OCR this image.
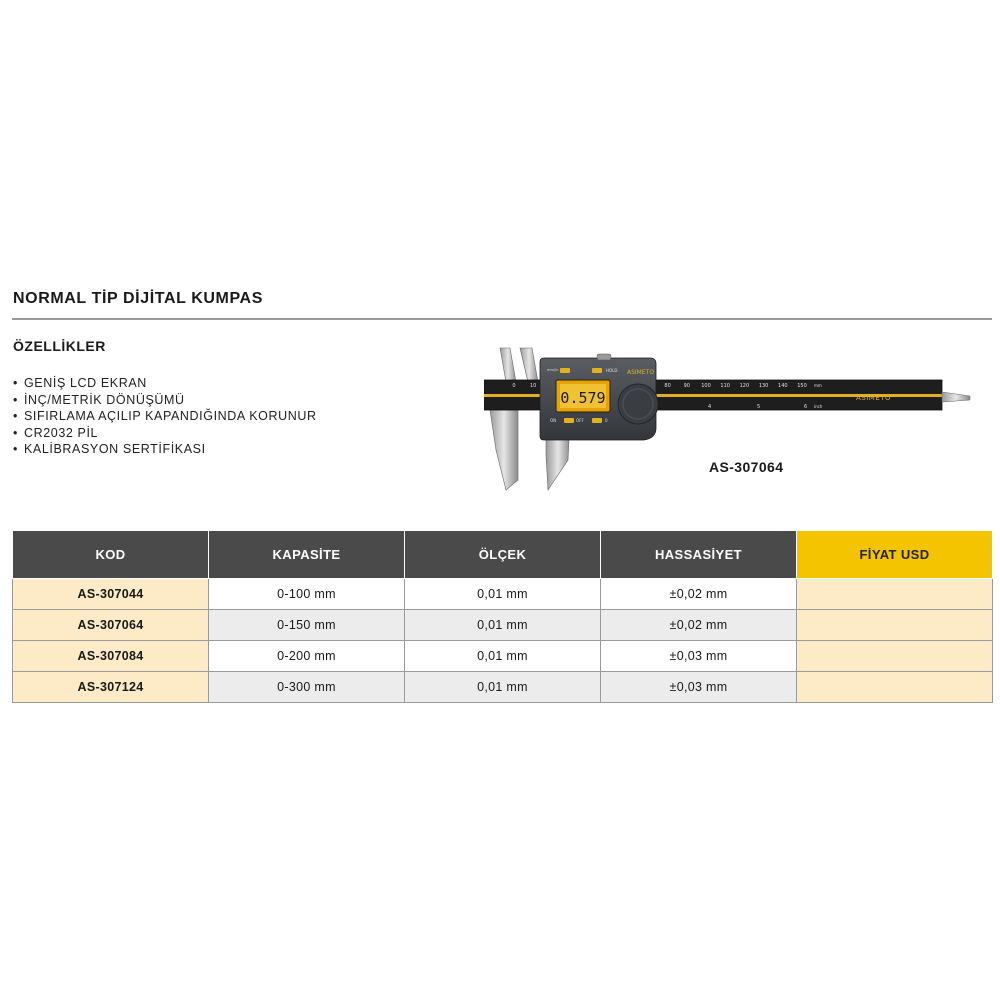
NORMAL TİP DİJİTAL KUMPAS
ÖZELLİKLER
• GENİŞ LCD EKRAN
• İNÇ/METRİK DÖNÜŞÜMÜ
• SIFIRLAMA AÇILIP KAPANDIĞINDA KORUNUR
• CR2032 PİL
• KALİBRASYON SERTİFİKASI
0	10	80	90 100 110 120 130 140 150 mm
inch
4	5	6
ASIMETO
0.579
mm/in	HOLD
ON	OFF	0
ASIMETO
AS-307064
KOD	KAPASİTE	ÖLÇEK	HASSASİYET	FİYAT USD
AS-307044	0-100 mm	0,01 mm	±0,02 mm	
AS-307064	0-150 mm	0,01 mm	±0,02 mm	
AS-307084	0-200 mm	0,01 mm	±0,03 mm	
AS-307124	0-300 mm	0,01 mm	±0,03 mm	
